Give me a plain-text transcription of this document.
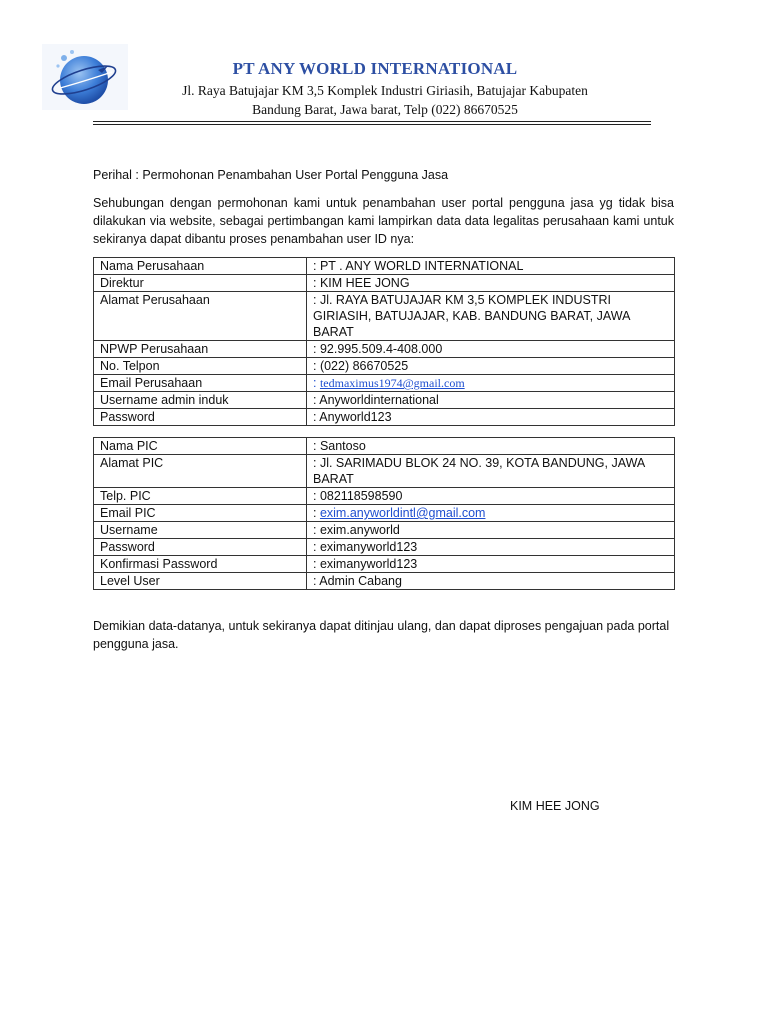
PT ANY WORLD INTERNATIONAL
Jl. Raya Batujajar KM 3,5 Komplek Industri Giriasih, Batujajar Kabupaten
Bandung Barat, Jawa barat, Telp (022) 86670525
Perihal : Permohonan Penambahan User Portal Pengguna Jasa
Sehubungan dengan permohonan kami untuk penambahan user portal pengguna jasa yg tidak bisa dilakukan via website, sebagai pertimbangan kami lampirkan data data legalitas perusahaan kami untuk sekiranya dapat dibantu proses penambahan user ID nya:
Nama Perusahaan	: PT . ANY WORLD INTERNATIONAL
Direktur	: KIM HEE JONG
Alamat Perusahaan	: Jl. RAYA BATUJAJAR KM 3,5 KOMPLEK INDUSTRI GIRIASIH, BATUJAJAR, KAB. BANDUNG BARAT, JAWA BARAT
NPWP Perusahaan	: 92.995.509.4-408.000
No. Telpon	: (022) 86670525
Email Perusahaan	: tedmaximus1974@gmail.com
Username admin induk	: Anyworldinternational
Password	: Anyworld123
Nama PIC	: Santoso
Alamat PIC	: Jl. SARIMADU BLOK 24 NO. 39, KOTA BANDUNG, JAWA BARAT
Telp. PIC	: 082118598590
Email PIC	: exim.anyworldintl@gmail.com
Username	: exim.anyworld
Password	: eximanyworld123
Konfirmasi Password	: eximanyworld123
Level User	: Admin Cabang
Demikian data-datanya, untuk sekiranya dapat ditinjau ulang, dan dapat diproses pengajuan pada portal pengguna jasa.
KIM HEE JONG
